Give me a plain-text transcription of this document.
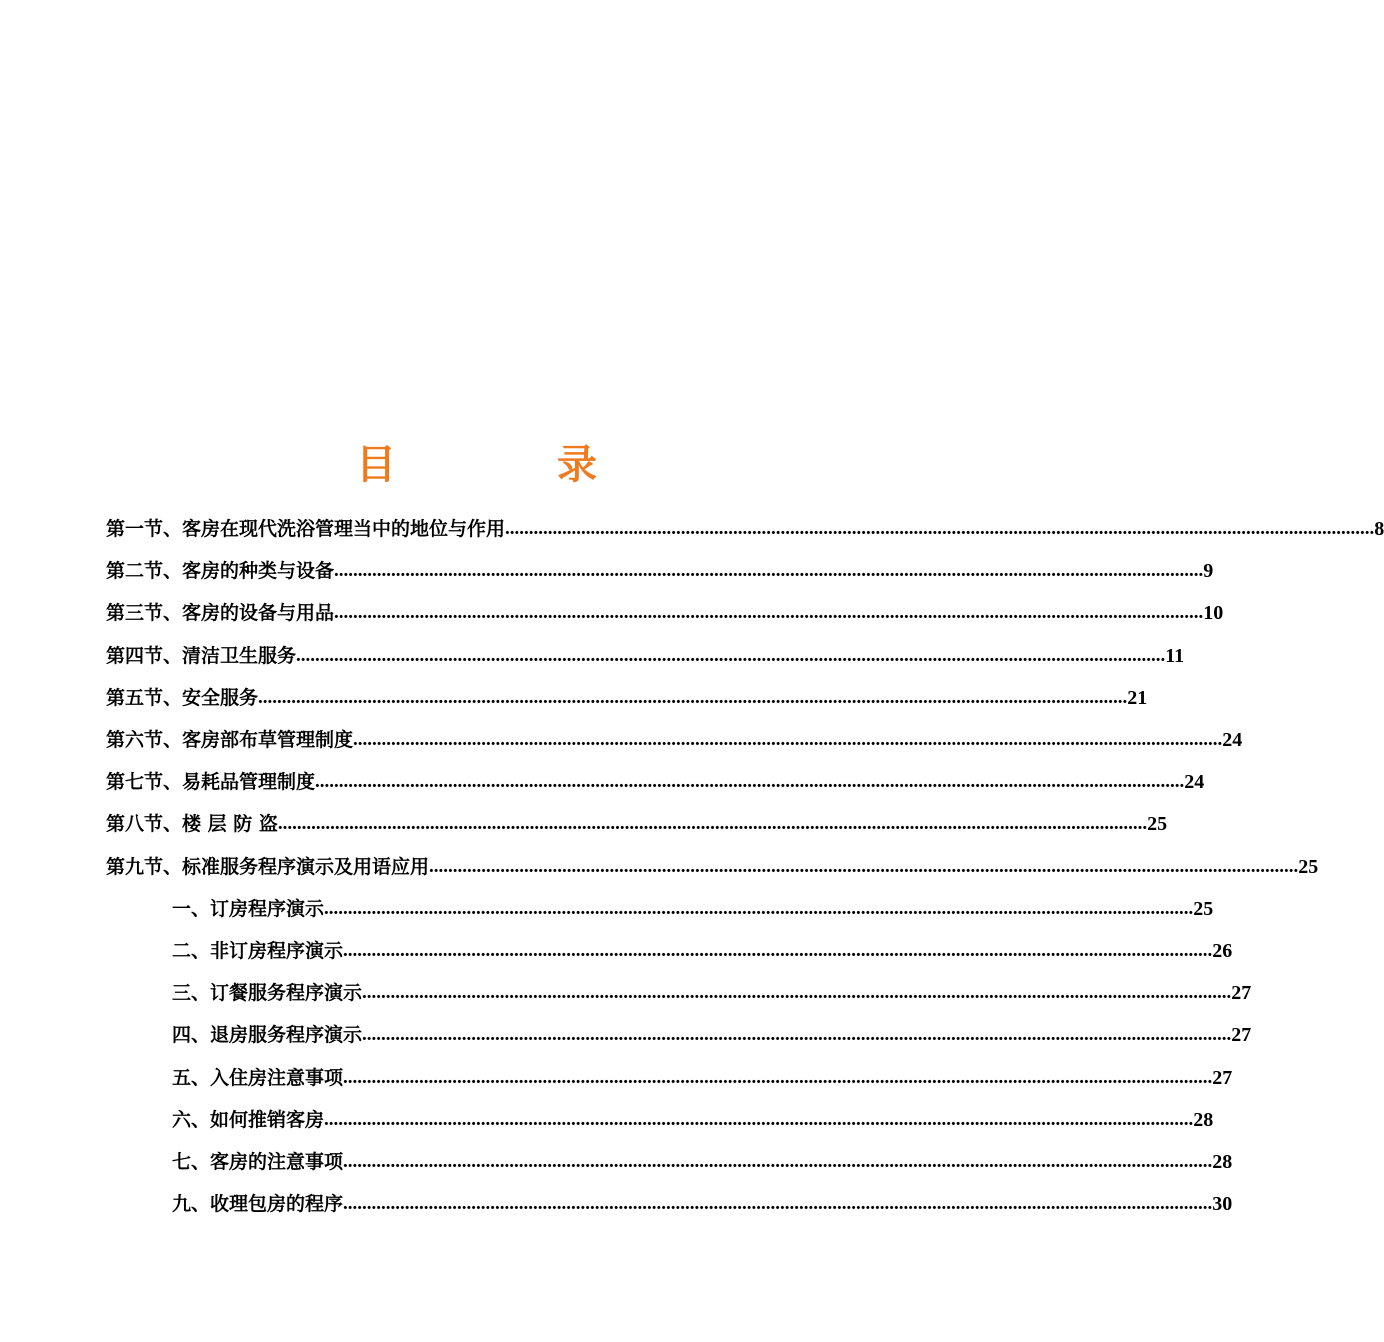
目	录
第一节、客房在现代洗浴管理当中的地位与作用 ....................................................................................................................................................................................... 8
第二节、客房的种类与设备 ....................................................................................................................................................................................... 9
第三节、客房的设备与用品 ....................................................................................................................................................................................... 10
第四节、清洁卫生服务 ....................................................................................................................................................................................... 11
第五节、安全服务 ....................................................................................................................................................................................... 21
第六节、客房部布草管理制度 ....................................................................................................................................................................................... 24
第七节、易耗品管理制度 ....................................................................................................................................................................................... 24
第八节、楼 层 防 盗 ....................................................................................................................................................................................... 25
第九节、标准服务程序演示及用语应用 ....................................................................................................................................................................................... 25
一、订房程序演示 ....................................................................................................................................................................................... 25
二、非订房程序演示 ....................................................................................................................................................................................... 26
三、订餐服务程序演示 ....................................................................................................................................................................................... 27
四、退房服务程序演示 ....................................................................................................................................................................................... 27
五、入住房注意事项 ....................................................................................................................................................................................... 27
六、如何推销客房 ....................................................................................................................................................................................... 28
七、客房的注意事项 ....................................................................................................................................................................................... 28
九、收理包房的程序 ....................................................................................................................................................................................... 30
